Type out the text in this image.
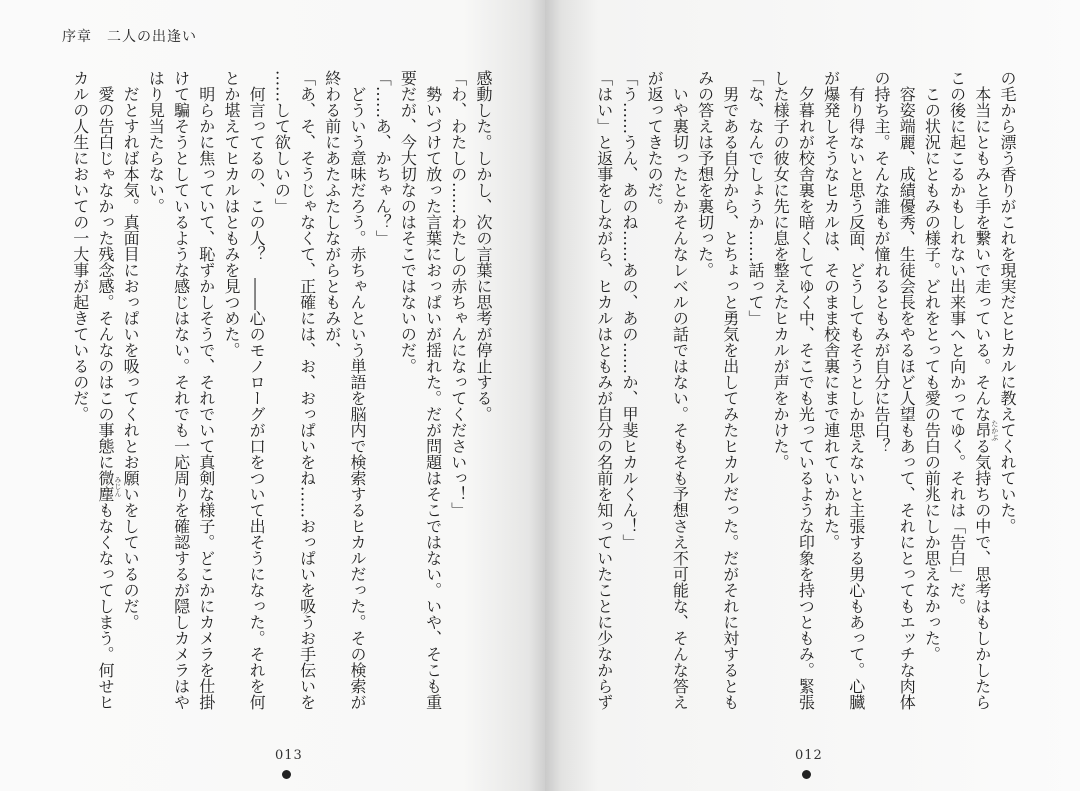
序章　二人の出逢い
感動した。しかし、次の言葉に思考が停止する。
「わ、わたしの……わたしの赤ちゃんになってくださいっ！」
　勢いづけて放った言葉におっぱいが揺れた。だが問題はそこではない。いや、そこも重
要だが、今大切なのはそこではないのだ。
「……あ、かちゃん？」
　どういう意味だろう。赤ちゃんという単語を脳内で検索するヒカルだった。その検索が
終わる前にあたふたしながらともみが、
「あ、そ、そうじゃなくて、正確には、お、おっぱいをね……おっぱいを吸うお手伝いを
……して欲しいの」
　何言ってるの、この人？　――心のモノローグが口をついて出そうになった。それを何
とか堪えてヒカルはともみを見つめた。
　明らかに焦っていて、恥ずかしそうで、それでいて真剣な様子。どこかにカメラを仕掛
けて騙そうとしているような感じはない。それでも一応周りを確認するが隠しカメラはや
はり見当たらない。
　だとすれば本気。真面目におっぱいを吸ってくれとお願いをしているのだ。
　愛の告白じゃなかった残念感。そんなのはこの事態に微塵もなくなってしまう。何せヒ
カルの人生においての一大事が起きているのだ。
013	012
の毛から漂う香りがこれを現実だとヒカルに教えてくれていた。
　本当にともみと手を繋いで走っている。そんな昂る気持ちの中で、思考はもしかしたら
この後に起こるかもしれない出来事へと向かってゆく。それは「告白」だ。
　この状況にともみの様子。どれをとっても愛の告白の前兆にしか思えなかった。
　容姿端麗、成績優秀、生徒会長をやるほど人望もあって、それにとってもエッチな肉体
の持ち主。そんな誰もが憧れるともみが自分に告白？
　有り得ないと思う反面、どうしてもそうとしか思えないと主張する男心もあって。心臓
が爆発しそうなヒカルは、そのまま校舎裏にまで連れていかれた。
　夕暮れが校舎裏を暗くしてゆく中、そこでも光っているような印象を持つともみ。緊張
した様子の彼女に先に息を整えたヒカルが声をかけた。
「な、なんでしょうか……話って」
　男である自分から、とちょっと勇気を出してみたヒカルだった。だがそれに対するとも
みの答えは予想を裏切った。
　いや裏切ったとかそんなレベルの話ではない。そもそも予想さえ不可能な、そんな答え
が返ってきたのだ。
「う……うん、あのね……あの、あの……か、甲斐ヒカルくん！」
「はい」と返事をしながら、ヒカルはともみが自分の名前を知っていたことに少なからず	たかぶ
みじん
